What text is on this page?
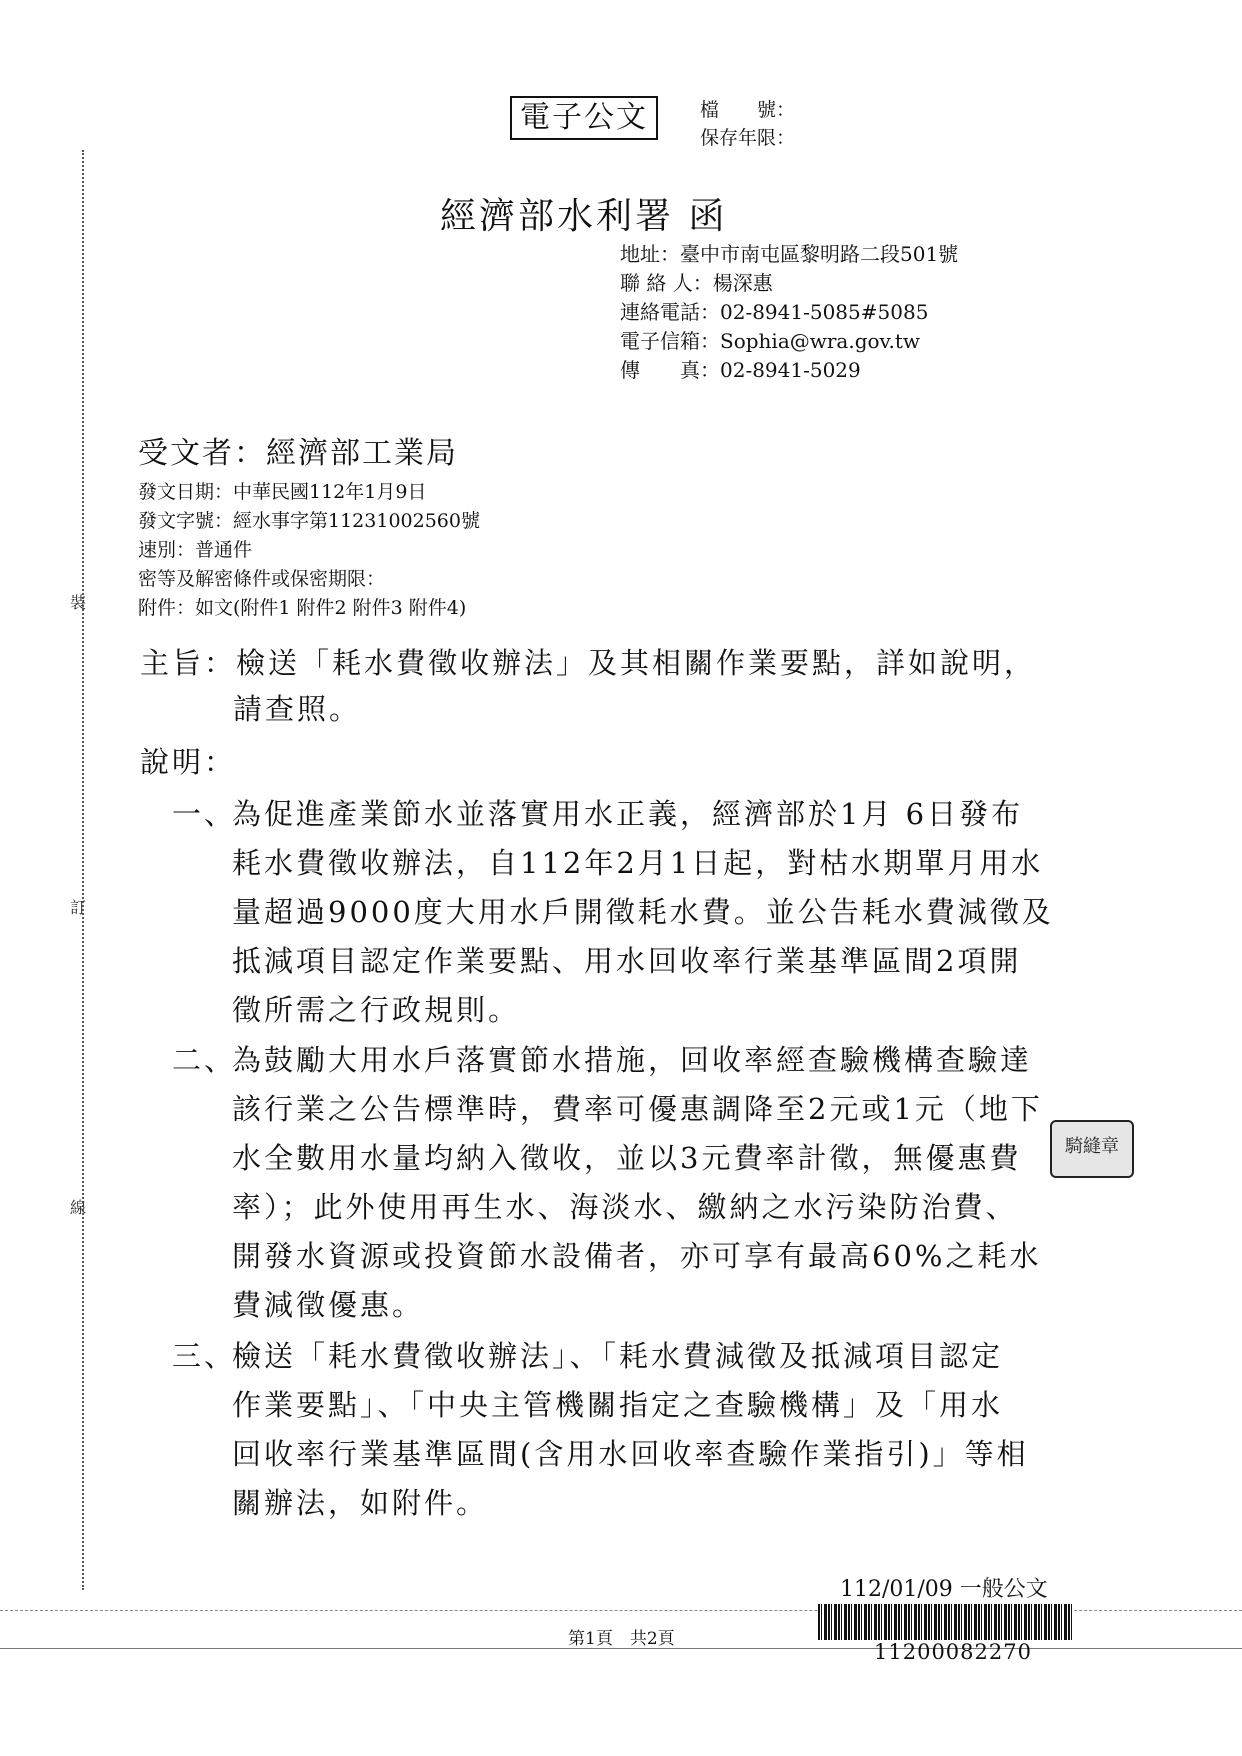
裝
訂
線
電子公文	檔　　號：
保存年限：
經濟部水利署 函
地址：臺中市南屯區黎明路二段501號
聯 絡 人：楊深惠
連絡電話：02-8941-5085#5085
電子信箱：Sophia@wra.gov.tw
傳　　真：02-8941-5029
受文者：經濟部工業局
發文日期：中華民國112年1月9日
發文字號：經水事字第11231002560號
速別：普通件
密等及解密條件或保密期限：
附件：如文(附件1 附件2 附件3 附件4)
主旨：檢送「耗水費徵收辦法」及其相關作業要點，詳如說明，
請查照。
說明：
一、
為促進產業節水並落實用水正義，經濟部於1月 6日發布
耗水費徵收辦法，自112年2月1日起，對枯水期單月用水
量超過9000度大用水戶開徵耗水費。並公告耗水費減徵及
抵減項目認定作業要點、用水回收率行業基準區間2項開
徵所需之行政規則。
二、
為鼓勵大用水戶落實節水措施，回收率經查驗機構查驗達
該行業之公告標準時，費率可優惠調降至2元或1元（地下
水全數用水量均納入徵收，並以3元費率計徵，無優惠費
率）；此外使用再生水、海淡水、繳納之水污染防治費、
開發水資源或投資節水設備者，亦可享有最高60%之耗水
費減徵優惠。
三、
檢送「耗水費徵收辦法」、「耗水費減徵及抵減項目認定
作業要點」、「中央主管機關指定之查驗機構」及「用水
回收率行業基準區間(含用水回收率查驗作業指引)」等相
關辦法，如附件。
騎縫章
112/01/09 一般公文
第1頁　共2頁
11200082270
